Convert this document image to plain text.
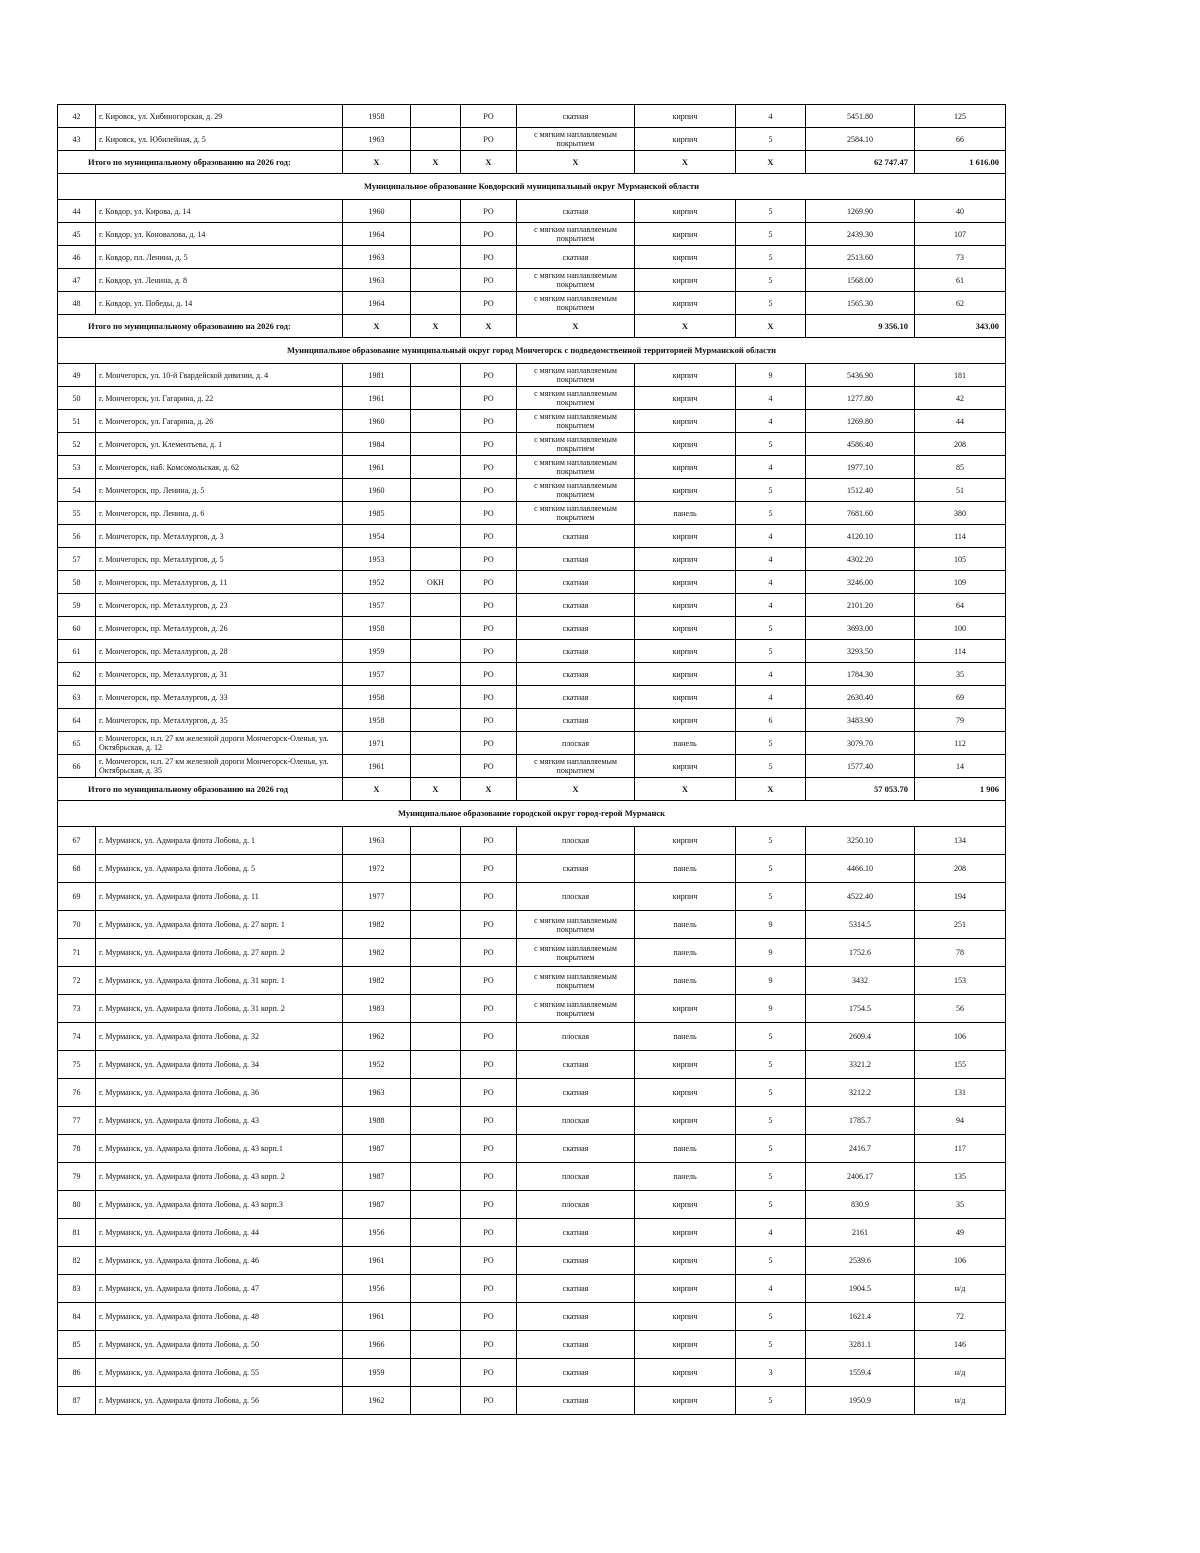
42	г. Кировск, ул. Хибиногорская, д. 29	1958		РО	скатная	кирпич	4	5451.80	125
43	г. Кировск, ул. Юбилейная, д. 5	1963		РО	с мягким наплавляемым покрытием	кирпич	5	2584.10	66
Итого по муниципальному образованию на 2026 год:		Х	Х	Х	Х	Х	Х	62 747.47	1 616.00
Муниципальное образование Ковдорский муниципальный округ Мурманской области									
44	г. Ковдор, ул. Кирова, д. 14	1960		РО	скатная	кирпич	5	1269.90	40
45	г. Ковдор, ул. Коновалова, д. 14	1964		РО	с мягким наплавляемым покрытием	кирпич	5	2439.30	107
46	г. Ковдор, пл. Ленина, д. 5	1963		РО	скатная	кирпич	5	2513.60	73
47	г. Ковдор, ул. Ленина, д. 8	1963		РО	с мягким наплавляемым покрытием	кирпич	5	1568.00	61
48	г. Ковдор, ул. Победы, д. 14	1964		РО	с мягким наплавляемым покрытием	кирпич	5	1565.30	62
Итого по муниципальному образованию на 2026 год:		Х	Х	Х	Х	Х	Х	9 356.10	343.00
Муниципальное образование муниципальный округ город Мончегорск с подведомственной территорией Мурманской области									
49	г. Мончегорск, ул. 10-й Гвардейской дивизии, д. 4	1981		РО	с мягким наплавляемым покрытием	кирпич	9	5436.90	181
50	г. Мончегорск, ул. Гагарина, д. 22	1961		РО	с мягким наплавляемым покрытием	кирпич	4	1277.80	42
51	г. Мончегорск, ул. Гагарина, д. 26	1960		РО	с мягким наплавляемым покрытием	кирпич	4	1269.80	44
52	г. Мончегорск, ул. Клементьева, д. 1	1984		РО	с мягким наплавляемым покрытием	кирпич	5	4586.40	208
53	г. Мончегорск, наб. Комсомольская, д. 62	1961		РО	с мягким наплавляемым покрытием	кирпич	4	1977.10	85
54	г. Мончегорск, пр. Ленина, д. 5	1960		РО	с мягким наплавляемым покрытием	кирпич	5	1512.40	51
55	г. Мончегорск, пр. Ленина, д. 6	1985		РО	с мягким наплавляемым покрытием	панель	5	7681.60	380
56	г. Мончегорск, пр. Металлургов, д. 3	1954		РО	скатная	кирпич	4	4120.10	114
57	г. Мончегорск, пр. Металлургов, д. 5	1953		РО	скатная	кирпич	4	4302.20	105
58	г. Мончегорск, пр. Металлургов, д. 11	1952	ОКН	РО	скатная	кирпич	4	3246.00	109
59	г. Мончегорск, пр. Металлургов, д. 23	1957		РО	скатная	кирпич	4	2101.20	64
60	г. Мончегорск, пр. Металлургов, д. 26	1958		РО	скатная	кирпич	5	3693.00	100
61	г. Мончегорск, пр. Металлургов, д. 28	1959		РО	скатная	кирпич	5	3293.50	114
62	г. Мончегорск, пр. Металлургов, д. 31	1957		РО	скатная	кирпич	4	1784.30	35
63	г. Мончегорск, пр. Металлургов, д. 33	1958		РО	скатная	кирпич	4	2630.40	69
64	г. Мончегорск, пр. Металлургов, д. 35	1958		РО	скатная	кирпич	6	3483.90	79
65	г. Мончегорск, н.п. 27 км железной дороги Мончегорск-Оленья, ул. Октябрьская, д. 12	1971		РО	плоская	панель	5	3079.70	112
66	г. Мончегорск, н.п. 27 км железной дороги Мончегорск-Оленья, ул. Октябрьская, д. 35	1961		РО	с мягким наплавляемым покрытием	кирпич	5	1577.40	14
Итого по муниципальному образованию на 2026 год		Х	Х	Х	Х	Х	Х	57 053.70	1 906
Муниципальное образование городской округ город-герой Мурманск									
67	г. Мурманск, ул. Адмирала флота Лобова, д. 1	1963		РО	плоская	кирпич	5	3250.10	134
68	г. Мурманск, ул. Адмирала флота Лобова, д. 5	1972		РО	скатная	панель	5	4466.10	208
69	г. Мурманск, ул. Адмирала флота Лобова, д. 11	1977		РО	плоская	кирпич	5	4522.40	194
70	г. Мурманск, ул. Адмирала флота Лобова, д. 27 корп. 1	1982		РО	с мягким наплавляемым покрытием	панель	9	5314.5	251
71	г. Мурманск, ул. Адмирала флота Лобова, д. 27 корп. 2	1982		РО	с мягким наплавляемым покрытием	панель	9	1752.6	78
72	г. Мурманск, ул. Адмирала флота Лобова, д. 31 корп. 1	1982		РО	с мягким наплавляемым покрытием	панель	9	3432	153
73	г. Мурманск, ул. Адмирала флота Лобова, д. 31 корп. 2	1983		РО	с мягким наплавляемым покрытием	кирпич	9	1754.5	56
74	г. Мурманск, ул. Адмирала флота Лобова, д. 32	1962		РО	плоская	панель	5	2609.4	106
75	г. Мурманск, ул. Адмирала флота Лобова, д. 34	1952		РО	скатная	кирпич	5	3321.2	155
76	г. Мурманск, ул. Адмирала флота Лобова, д. 36	1963		РО	скатная	кирпич	5	3212.2	131
77	г. Мурманск, ул. Адмирала флота Лобова, д. 43	1988		РО	плоская	кирпич	5	1785.7	94
78	г. Мурманск, ул. Адмирала флота Лобова, д. 43 корп.1	1987		РО	скатная	панель	5	2416.7	117
79	г. Мурманск, ул. Адмирала флота Лобова, д. 43 корп. 2	1987		РО	плоская	панель	5	2406.17	135
80	г. Мурманск, ул. Адмирала флота Лобова, д. 43 корп.3	1987		РО	плоская	кирпич	5	830.9	35
81	г. Мурманск, ул. Адмирала флота Лобова, д. 44	1956		РО	скатная	кирпич	4	2161	49
82	г. Мурманск, ул. Адмирала флота Лобова, д. 46	1961		РО	скатная	кирпич	5	2539.6	106
83	г. Мурманск, ул. Адмирала флота Лобова, д. 47	1956		РО	скатная	кирпич	4	1904.5	н/д
84	г. Мурманск, ул. Адмирала флота Лобова, д. 48	1961		РО	скатная	кирпич	5	1621.4	72
85	г. Мурманск, ул. Адмирала флота Лобова, д. 50	1966		РО	скатная	кирпич	5	3281.1	146
86	г. Мурманск, ул. Адмирала флота Лобова, д. 55	1959		РО	скатная	кирпич	3	1559.4	н/д
87	г. Мурманск, ул. Адмирала флота Лобова, д. 56	1962		РО	скатная	кирпич	5	1950.9	н/д
